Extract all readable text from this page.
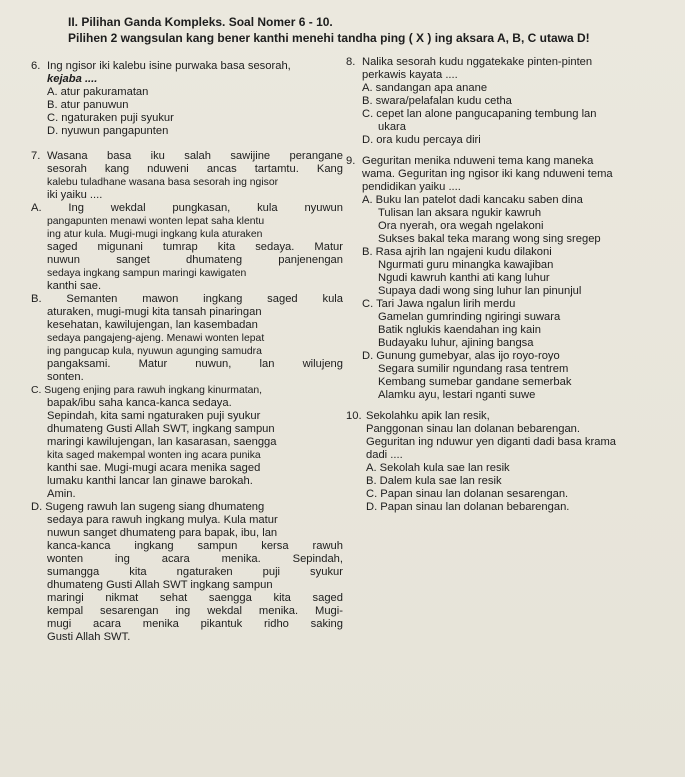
II. Pilihan Ganda Kompleks. Soal Nomer 6 - 10.
Pilihen 2 wangsulan kang bener kanthi menehi tandha ping ( X ) ing aksara A, B, C utawa D!
6. Ing ngisor iki kalebu isine purwaka basa sesorah,
kejaba ....
A. atur pakuramatan
B. atur panuwun
C. ngaturaken puji syukur
D. nyuwun pangapunten
7. Wasana basa iku salah sawijine perangane
sesorah kang nduweni ancas tartamtu. Kang
kalebu tuladhane wasana basa sesorah ing ngisor
iki yaiku ....
A. Ing wekdal pungkasan, kula nyuwun
pangapunten menawi wonten lepat saha klentu
ing atur kula. Mugi-mugi ingkang kula aturaken
saged migunani tumrap kita sedaya. Matur
nuwun sanget dhumateng panjenengan
sedaya ingkang sampun maringi kawigaten
kanthi sae.
B. Semanten mawon ingkang saged kula
aturaken, mugi-mugi kita tansah pinaringan
kesehatan, kawilujengan, lan kasembadan
sedaya pangajeng-ajeng. Menawi wonten lepat
ing pangucap kula, nyuwun agunging samudra
pangaksami. Matur nuwun, lan wilujeng
sonten.
C. Sugeng enjing para rawuh ingkang kinurmatan,
bapak/ibu saha kanca-kanca sedaya.
Sepindah, kita sami ngaturaken puji syukur
dhumateng Gusti Allah SWT, ingkang sampun
maringi kawilujengan, lan kasarasan, saengga
kita saged makempal wonten ing acara punika
kanthi sae. Mugi-mugi acara menika saged
lumaku kanthi lancar lan ginawe barokah.
Amin.
D. Sugeng rawuh lan sugeng siang dhumateng
sedaya para rawuh ingkang mulya. Kula matur
nuwun sanget dhumateng para bapak, ibu, lan
kanca-kanca ingkang sampun kersa rawuh
wonten ing acara menika. Sepindah,
sumangga kita ngaturaken puji syukur
dhumateng Gusti Allah SWT ingkang sampun
maringi nikmat sehat saengga kita saged
kempal sesarengan ing wekdal menika. Mugi-
mugi acara menika pikantuk ridho saking
Gusti Allah SWT.
8. Nalika sesorah kudu nggatekake pinten-pinten
perkawis kayata ....
A. sandangan apa anane
B. swara/pelafalan kudu cetha
C. cepet lan alone pangucapaning tembung lan
ukara
D. ora kudu percaya diri
9. Geguritan menika nduweni tema kang maneka
wama. Geguritan ing ngisor iki kang nduweni tema
pendidikan yaiku ....
A. Buku lan patelot dadi kancaku saben dina
Tulisan lan aksara ngukir kawruh
Ora nyerah, ora wegah ngelakoni
Sukses bakal teka marang wong sing sregep
B. Rasa ajrih lan ngajeni kudu dilakoni
Ngurmati guru minangka kawajiban
Ngudi kawruh kanthi ati kang luhur
Supaya dadi wong sing luhur lan pinunjul
C. Tari Jawa ngalun lirih merdu
Gamelan gumrinding ngiringi suwara
Batik nglukis kaendahan ing kain
Budayaku luhur, ajining bangsa
D. Gunung gumebyar, alas ijo royo-royo
Segara sumilir ngundang rasa tentrem
Kembang sumebar gandane semerbak
Alamku ayu, lestari nganti suwe
10. Sekolahku apik lan resik,
Panggonan sinau lan dolanan bebarengan.
Geguritan ing nduwur yen diganti dadi basa krama
dadi ....
A. Sekolah kula sae lan resik
B. Dalem kula sae lan resik
C. Papan sinau lan dolanan sesarengan.
D. Papan sinau lan dolanan bebarengan.
